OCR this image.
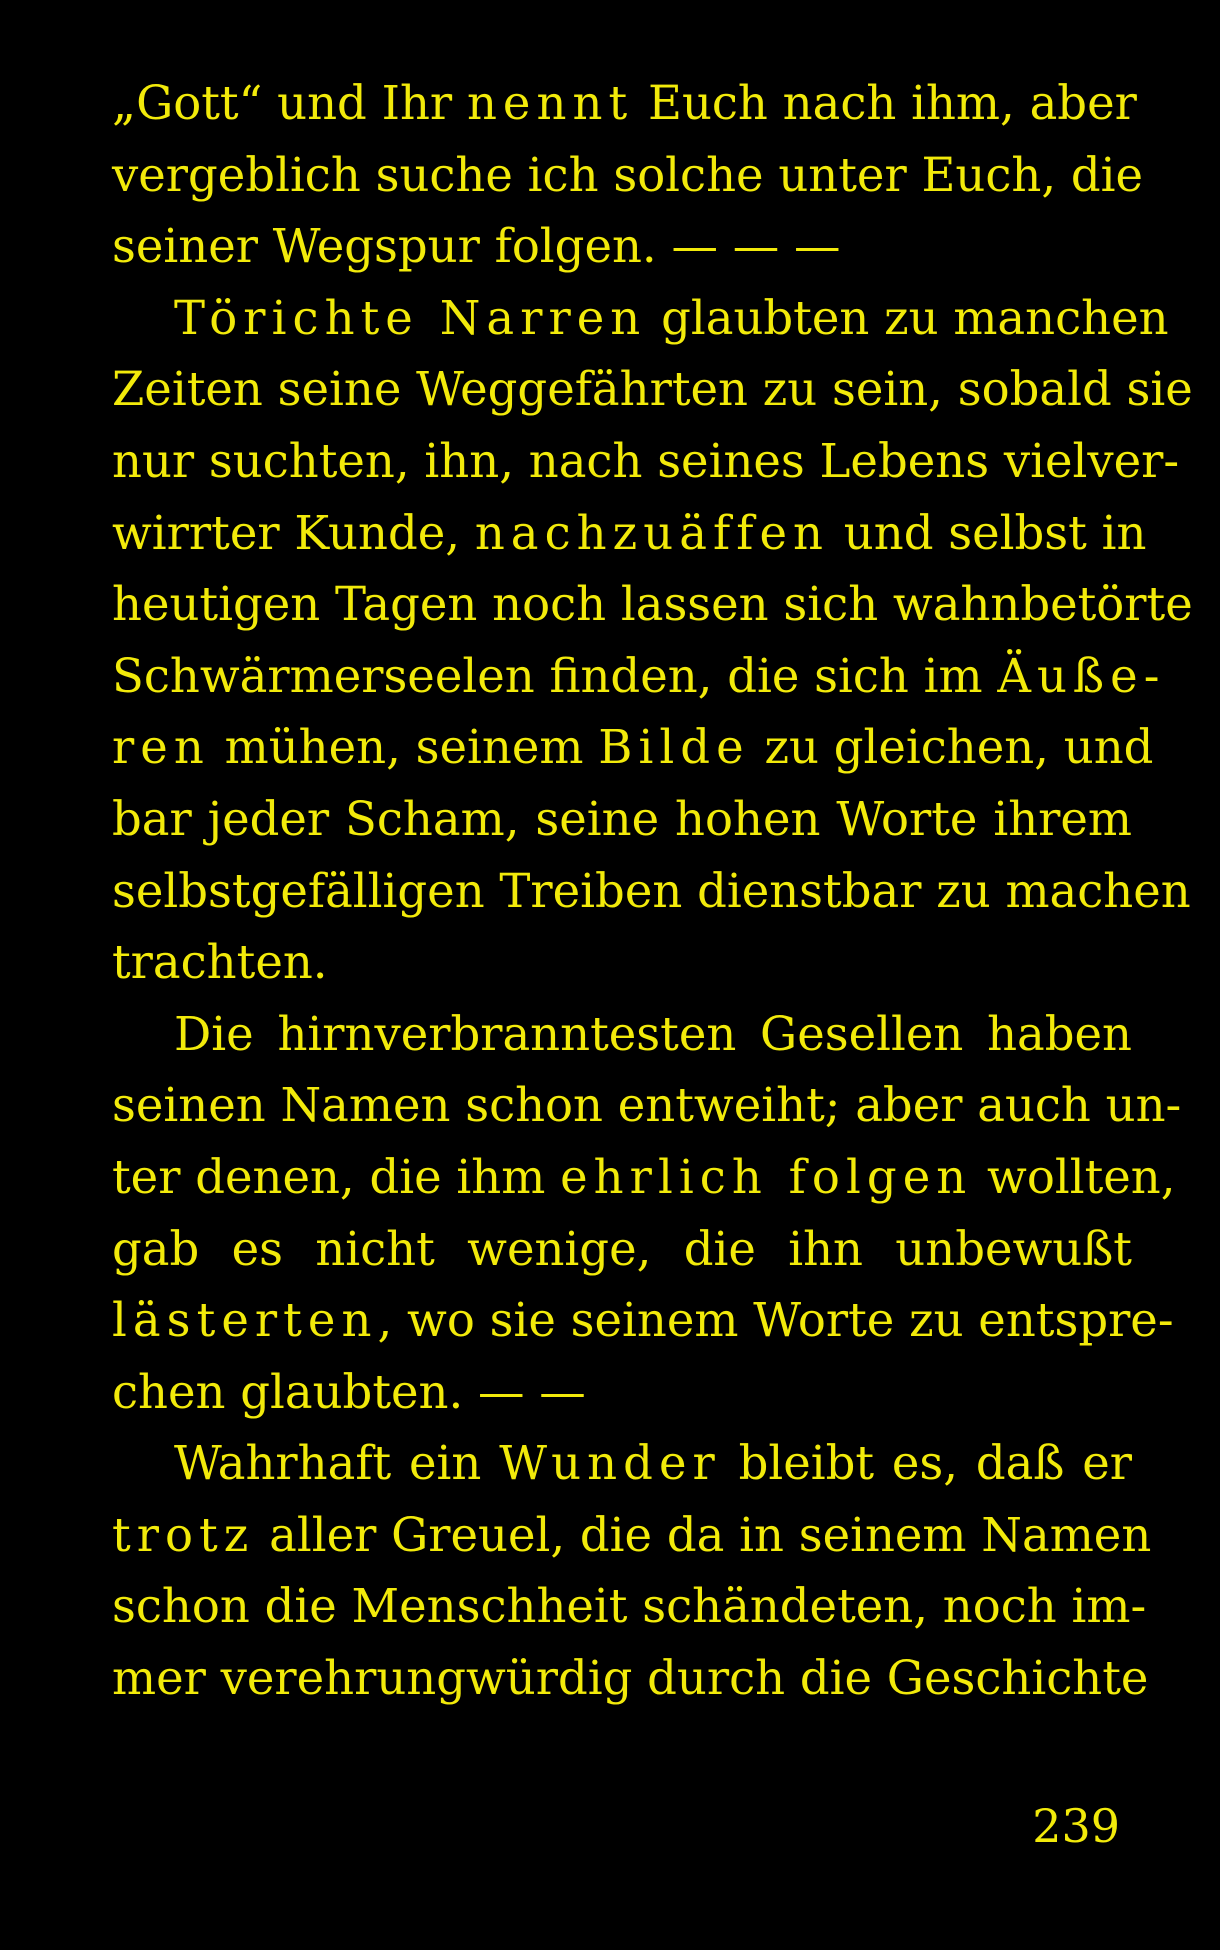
„Gott“ und Ihr nennt Euch nach ihm, aber
vergeblich suche ich solche unter Euch, die
seiner Wegspur folgen. — — —
Törichte Narren glaubten zu manchen
Zeiten seine Weggefährten zu sein, sobald sie
nur suchten, ihn, nach seines Lebens vielver-
wirrter Kunde, nachzuäffen und selbst in
heutigen Tagen noch lassen sich wahnbetörte
Schwärmerseelen finden, die sich im Äuße-
ren mühen, seinem Bilde zu gleichen, und
bar jeder Scham, seine hohen Worte ihrem
selbstgefälligen Treiben dienstbar zu machen
trachten.
Die hirnverbranntesten Gesellen haben
seinen Namen schon entweiht; aber auch un-
ter denen, die ihm ehrlich folgen wollten,
gab es nicht wenige, die ihn unbewußt
lästerten, wo sie seinem Worte zu entspre-
chen glaubten. — —
Wahrhaft ein Wunder bleibt es, daß er
trotz aller Greuel, die da in seinem Namen
schon die Menschheit schändeten, noch im-
mer verehrungwürdig durch die Geschichte
239
